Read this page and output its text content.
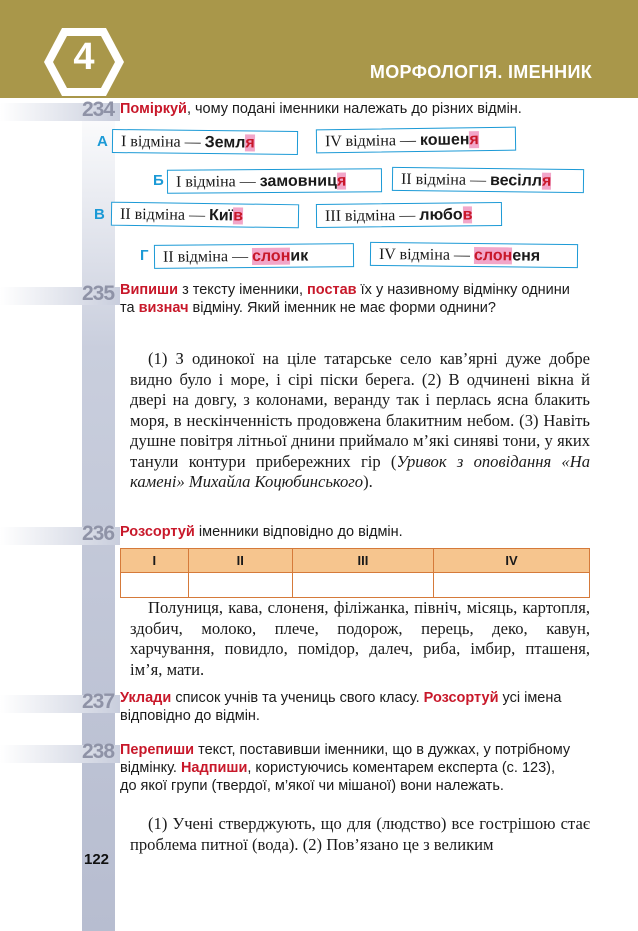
4	МОРФОЛОГІЯ. ІМЕННИК
122
234 Поміркуй, чому подані іменники належать до різних відмін.
А І відміна — Земля	IV відміна — кошеня
Б І відміна — замовниця	ІІ відміна — весілля
В ІІ відміна — Київ	ІІІ відміна — любов
Г ІІ відміна — слоник	IV відміна — слоненя
235 Випиши з тексту іменники, постав їх у називному відмінку однини та визнач відміну. Який іменник не має форми однини?
(1) З одинокої на ціле татарське село кав’ярні дуже добре видно було і море, і сірі піски берега. (2) В одчинені вікна й двері на довгу, з колонами, веранду так і перлась ясна блакить моря, в нескінченність продовжена блакитним небом. (3) Навіть душне повітря літньої днини приймало м’які синяві тони, у яких танули контури прибережних гір (Уривок з оповідання «На камені» Михайла Коцюбинського).
236 Розсортуй іменники відповідно до відмін.
І	ІІ	ІІІ	IV

Полуниця, кава, слоненя, філіжанка, північ, місяць, картопля, здобич, молоко, плече, подорож, перець, деко, кавун, харчування, повидло, помідор, далеч, риба, імбир, пташеня, ім’я, мати.
237 Уклади список учнів та учениць свого класу. Розсортуй усі імена відповідно до відмін.
238 Перепиши текст, поставивши іменники, що в дужках, у потрібному відмінку. Надпиши, користуючись коментарем експерта (с. 123), до якої групи (твердої, м’якої чи мішаної) вони належать.
(1) Учені стверджують, що для (людство) все гострішою стає проблема питної (вода). (2) Пов’язано це з великим
